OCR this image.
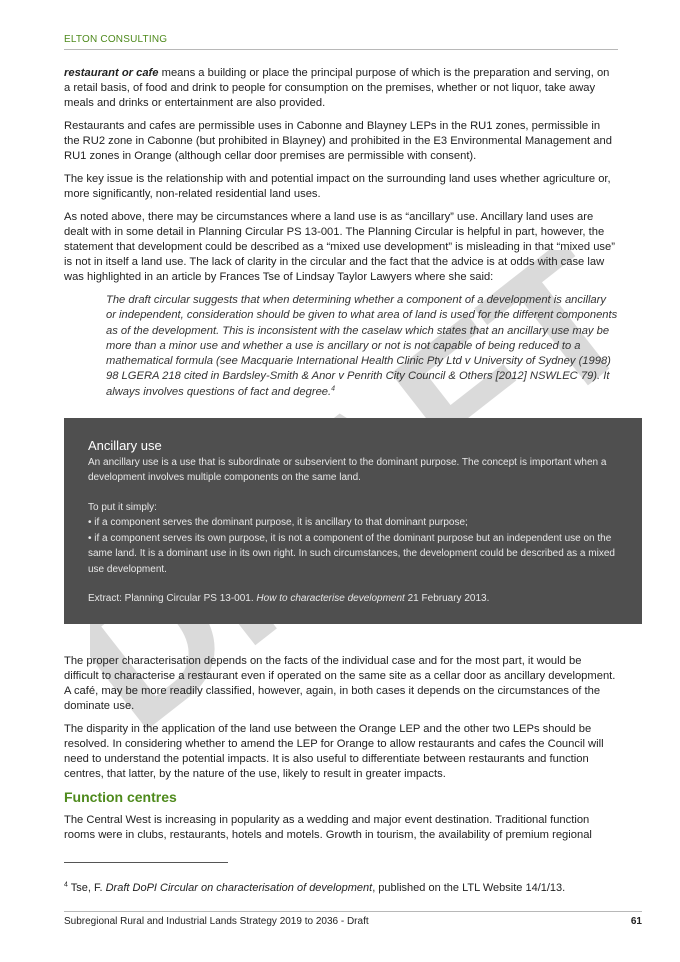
ELTON CONSULTING

restaurant or cafe means a building or place the principal purpose of which is the preparation and serving, on a retail basis, of food and drink to people for consumption on the premises, whether or not liquor, take away meals and drinks or entertainment are also provided.

Restaurants and cafes are permissible uses in Cabonne and Blayney LEPs in the RU1 zones, permissible in the RU2 zone in Cabonne (but prohibited in Blayney) and prohibited in the E3 Environmental Management and RU1 zones in Orange (although cellar door premises are permissible with consent).

The key issue is the relationship with and potential impact on the surrounding land uses whether agriculture or, more significantly, non-related residential land uses.

As noted above, there may be circumstances where a land use is as “ancillary” use. Ancillary land uses are dealt with in some detail in Planning Circular PS 13-001. The Planning Circular is helpful in part, however, the statement that development could be described as a “mixed use development” is misleading in that “mixed use” is not in itself a land use. The lack of clarity in the circular and the fact that the advice is at odds with case law was highlighted in an article by Frances Tse of Lindsay Taylor Lawyers where she said:

The draft circular suggests that when determining whether a component of a development is ancillary or independent, consideration should be given to what area of land is used for the different components as of the development. This is inconsistent with the caselaw which states that an ancillary use may be more than a minor use and whether a use is ancillary or not is not capable of being reduced to a mathematical formula (see Macquarie International Health Clinic Pty Ltd v University of Sydney (1998) 98 LGERA 218 cited in Bardsley-Smith & Anor v Penrith City Council & Others [2012] NSWLEC 79). It always involves questions of fact and degree.$^4$
Ancillary use

An ancillary use is a use that is subordinate or subservient to the dominant purpose. The concept is important when a development involves multiple components on the same land.

To put it simply:

• if a component serves the dominant purpose, it is ancillary to that dominant purpose;

• if a component serves its own purpose, it is not a component of the dominant purpose but an independent use on the same land. It is a dominant use in its own right. In such circumstances, the development could be described as a mixed use development.

Extract: Planning Circular PS 13-001. How to characterise development 21 February 2013.

The proper characterisation depends on the facts of the individual case and for the most part, it would be difficult to characterise a restaurant even if operated on the same site as a cellar door as ancillary development. A café, may be more readily classified, however, again, in both cases it depends on the circumstances of the dominate use.

The disparity in the application of the land use between the Orange LEP and the other two LEPs should be resolved. In considering whether to amend the LEP for Orange to allow restaurants and cafes the Council will need to understand the potential impacts. It is also useful to differentiate between restaurants and function centres, that latter, by the nature of the use, likely to result in greater impacts.

Function centres

The Central West is increasing in popularity as a wedding and major event destination. Traditional function rooms were in clubs, restaurants, hotels and motels. Growth in tourism, the availability of premium regional

$^4$ Tse, F. Draft DoPI Circular on characterisation of development, published on the LTL Website 14/1/13.
Subregional Rural and Industrial Lands Strategy 2019 to 2036 - Draft	61
